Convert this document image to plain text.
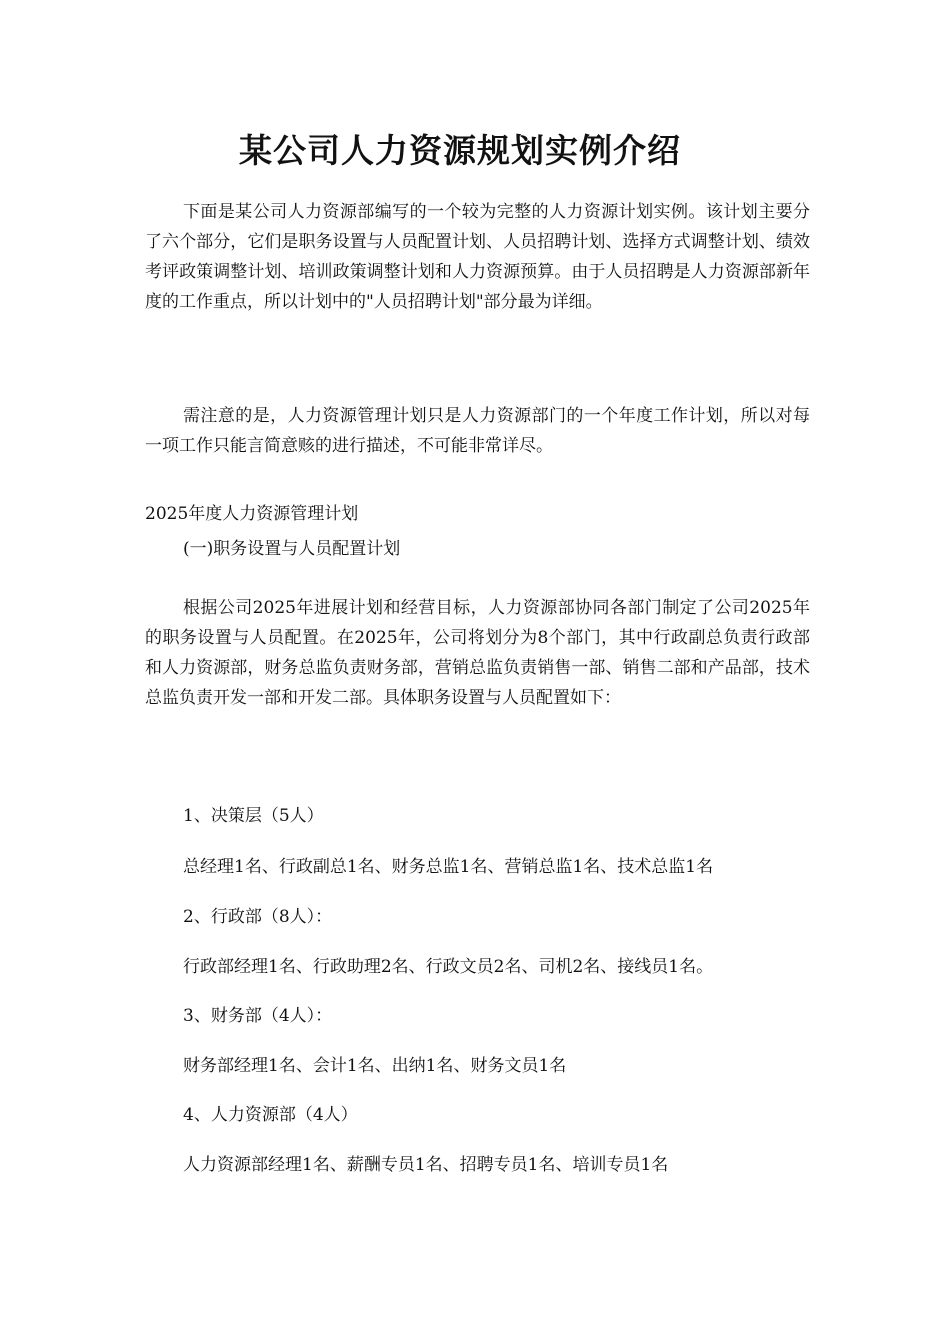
某公司人力资源规划实例介绍
下面是某公司人力资源部编写的一个较为完整的人力资源计划实例。该计划主要分了六个部分，它们是职务设置与人员配置计划、人员招聘计划、选择方式调整计划、绩效考评政策调整计划、培训政策调整计划和人力资源预算。由于人员招聘是人力资源部新年度的工作重点，所以计划中的"人员招聘计划"部分最为详细。
需注意的是，人力资源管理计划只是人力资源部门的一个年度工作计划，所以对每一项工作只能言简意赅的进行描述，不可能非常详尽。
2025年度人力资源管理计划
(一)职务设置与人员配置计划
根据公司2025年进展计划和经营目标，人力资源部协同各部门制定了公司2025年的职务设置与人员配置。在2025年，公司将划分为8个部门，其中行政副总负责行政部和人力资源部，财务总监负责财务部，营销总监负责销售一部、销售二部和产品部，技术总监负责开发一部和开发二部。具体职务设置与人员配置如下：
1、决策层（5人）
总经理1名、行政副总1名、财务总监1名、营销总监1名、技术总监1名
2、行政部（8人）：
行政部经理1名、行政助理2名、行政文员2名、司机2名、接线员1名。
3、财务部（4人）：
财务部经理1名、会计1名、出纳1名、财务文员1名
4、人力资源部（4人）
人力资源部经理1名、薪酬专员1名、招聘专员1名、培训专员1名
